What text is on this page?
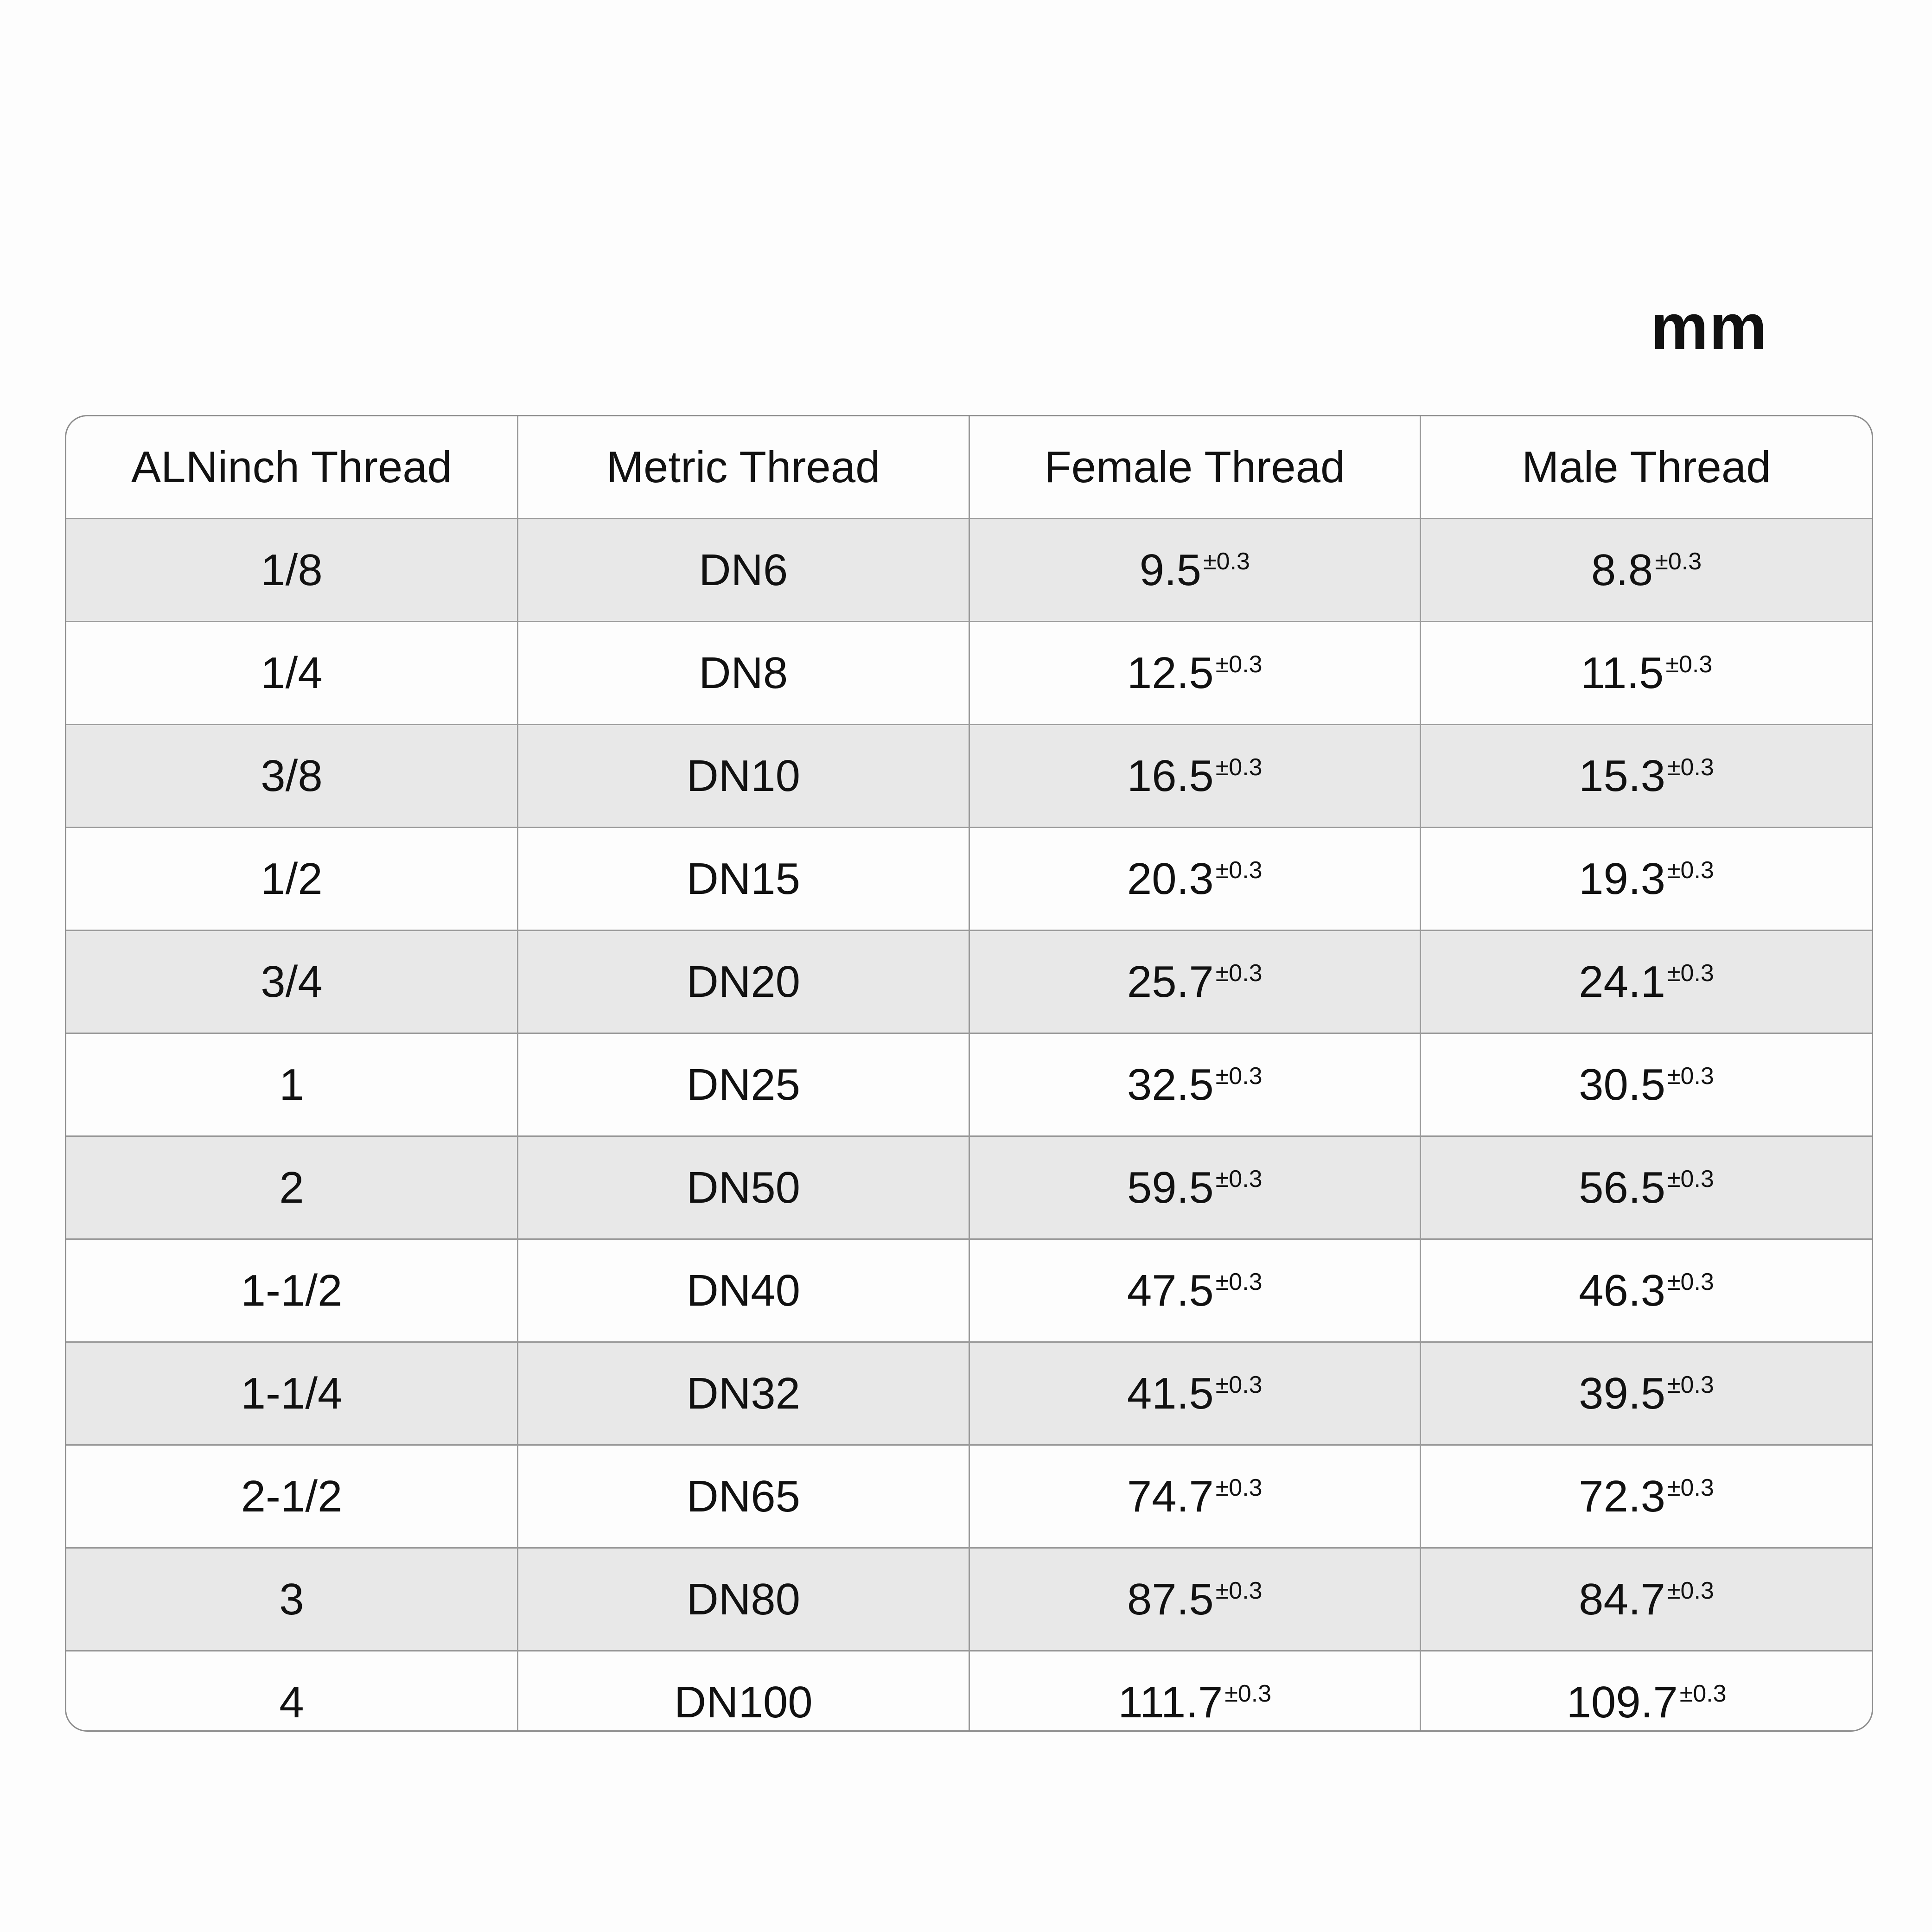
mm
ALNinch Thread	Metric Thread	Female Thread	Male Thread
1/8	DN6	$9.5^{\pm 0.3}$	$8.8^{\pm 0.3}$
1/4	DN8	$12.5^{\pm 0.3}$	$11.5^{\pm 0.3}$
3/8	DN10	$16.5^{\pm 0.3}$	$15.3^{\pm 0.3}$
1/2	DN15	$20.3^{\pm 0.3}$	$19.3^{\pm 0.3}$
3/4	DN20	$25.7^{\pm 0.3}$	$24.1^{\pm 0.3}$
1	DN25	$32.5^{\pm 0.3}$	$30.5^{\pm 0.3}$
2	DN50	$59.5^{\pm 0.3}$	$56.5^{\pm 0.3}$
1-1/2	DN40	$47.5^{\pm 0.3}$	$46.3^{\pm 0.3}$
1-1/4	DN32	$41.5^{\pm 0.3}$	$39.5^{\pm 0.3}$
2-1/2	DN65	$74.7^{\pm 0.3}$	$72.3^{\pm 0.3}$
3	DN80	$87.5^{\pm 0.3}$	$84.7^{\pm 0.3}$
4	DN100	$111.7^{\pm 0.3}$	$109.7^{\pm 0.3}$
